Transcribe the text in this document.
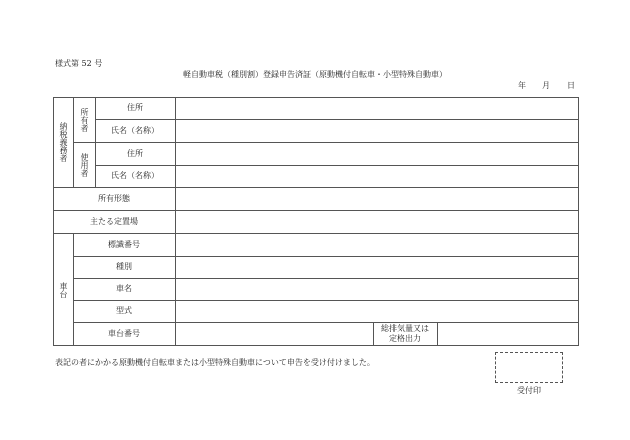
様式第 52 号
軽自動車税（種別割）登録申告済証（原動機付自転車・小型特殊自動車）
年 月 日
納税義務者
所有者
使用者
住所
氏名（名称）
住所
氏名（名称）
所有形態
主たる定置場
車台
標識番号
種別
車名
型式
車台番号
総排気量又は
定格出力
表記の者にかかる原動機付自転車または小型特殊自動車について申告を受け付けました。
受付印
